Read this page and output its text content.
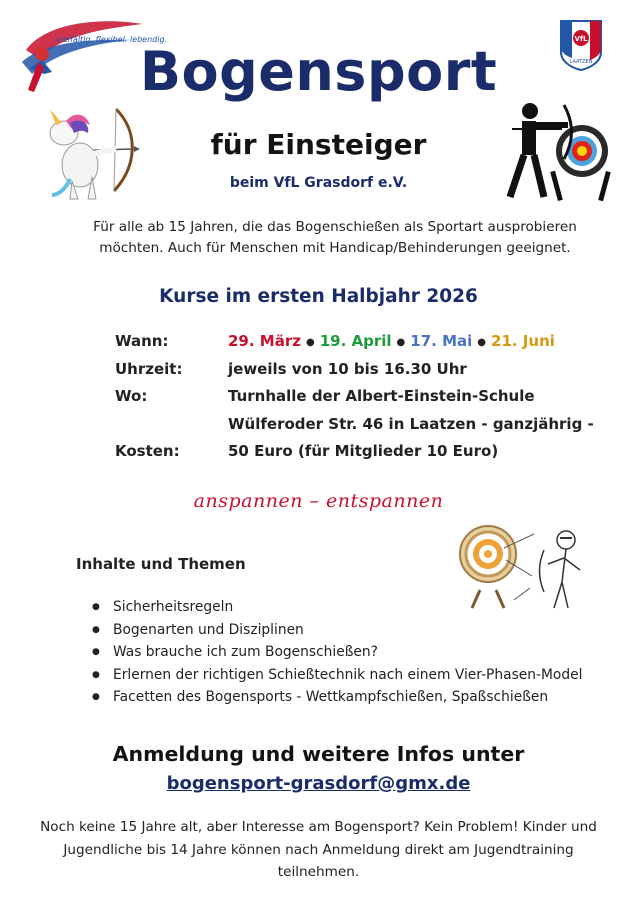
vielfältig. flexibel. lebendig.	VfL
LAATZEN
Bogensport
für Einsteiger
beim VfL Grasdorf e.V.
Für alle ab 15 Jahren, die das Bogenschießen als Sportart ausprobieren möchten. Auch für Menschen mit Handicap/Behinderungen geeignet.
Kurse im ersten Halbjahr 2026
Wann:	29. März ● 19. April ● 17. Mai ● 21. Juni
Uhrzeit:	jeweils von 10 bis 16.30 Uhr
Wo:	Turnhalle der Albert-Einstein-Schule
Wülferoder Str. 46 in Laatzen - ganzjährig -
Kosten:	50 Euro (für Mitglieder 10 Euro)
anspannen – entspannen
Inhalte und Themen
● Sicherheitsregeln
● Bogenarten und Disziplinen
● Was brauche ich zum Bogenschießen?
● Erlernen der richtigen Schießtechnik nach einem Vier-Phasen-Model
● Facetten des Bogensports - Wettkampfschießen, Spaßschießen
Anmeldung und weitere Infos unter
bogensport-grasdorf@gmx.de
Noch keine 15 Jahre alt, aber Interesse am Bogensport? Kein Problem! Kinder und Jugendliche bis 14 Jahre können nach Anmeldung direkt am Jugendtraining teilnehmen.
